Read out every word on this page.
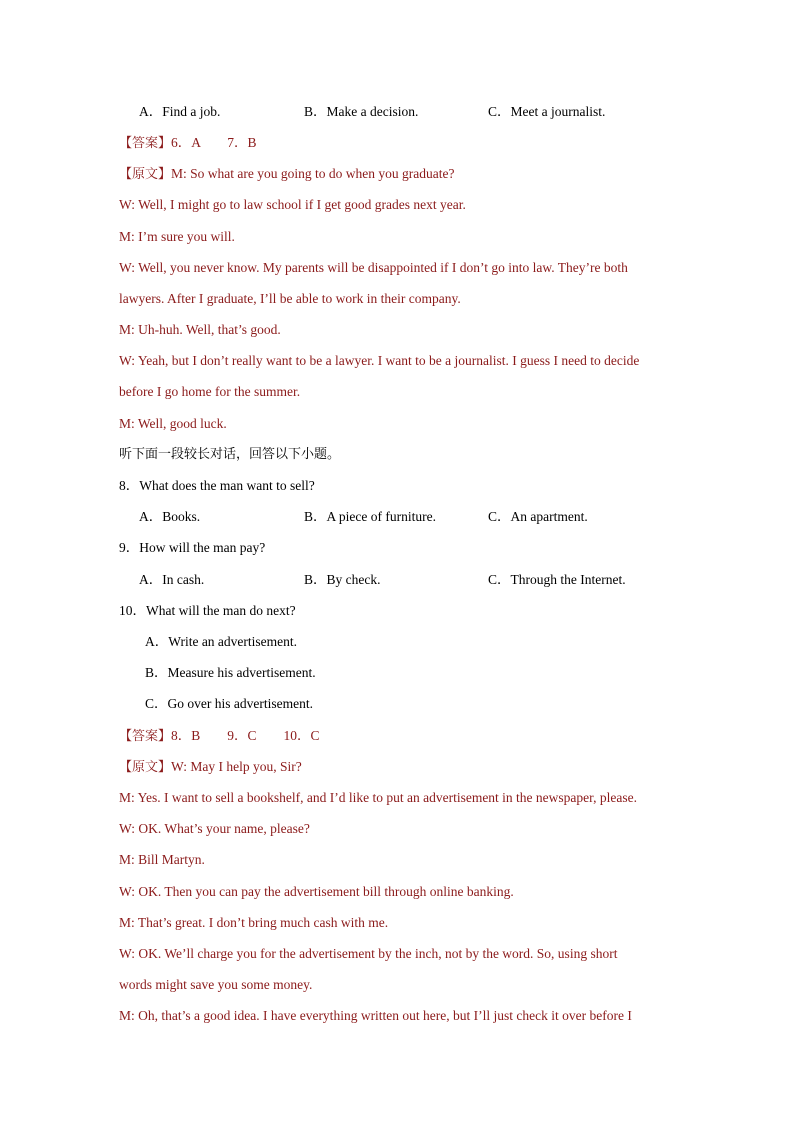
A．Find a job.	B．Make a decision.	C．Meet a journalist.
【答案】6．A　　7．B
【原文】M: So what are you going to do when you graduate?
W: Well, I might go to law school if I get good grades next year.
M: I’m sure you will.
W: Well, you never know. My parents will be disappointed if I don’t go into law. They’re both
lawyers. After I graduate, I’ll be able to work in their company.
M: Uh-huh. Well, that’s good.
W: Yeah, but I don’t really want to be a lawyer. I want to be a journalist. I guess I need to decide
before I go home for the summer.
M: Well, good luck.
听下面一段较长对话，回答以下小题。
8．What does the man want to sell?
A．Books.	B．A piece of furniture.	C．An apartment.
9．How will the man pay?
A．In cash.	B．By check.	C．Through the Internet.
10．What will the man do next?
A．Write an advertisement.
B．Measure his advertisement.
C．Go over his advertisement.
【答案】8．B　　9．C　　10．C
【原文】W: May I help you, Sir?
M: Yes. I want to sell a bookshelf, and I’d like to put an advertisement in the newspaper, please.
W: OK. What’s your name, please?
M: Bill Martyn.
W: OK. Then you can pay the advertisement bill through online banking.
M: That’s great. I don’t bring much cash with me.
W: OK. We’ll charge you for the advertisement by the inch, not by the word. So, using short
words might save you some money.
M: Oh, that’s a good idea. I have everything written out here, but I’ll just check it over before I
